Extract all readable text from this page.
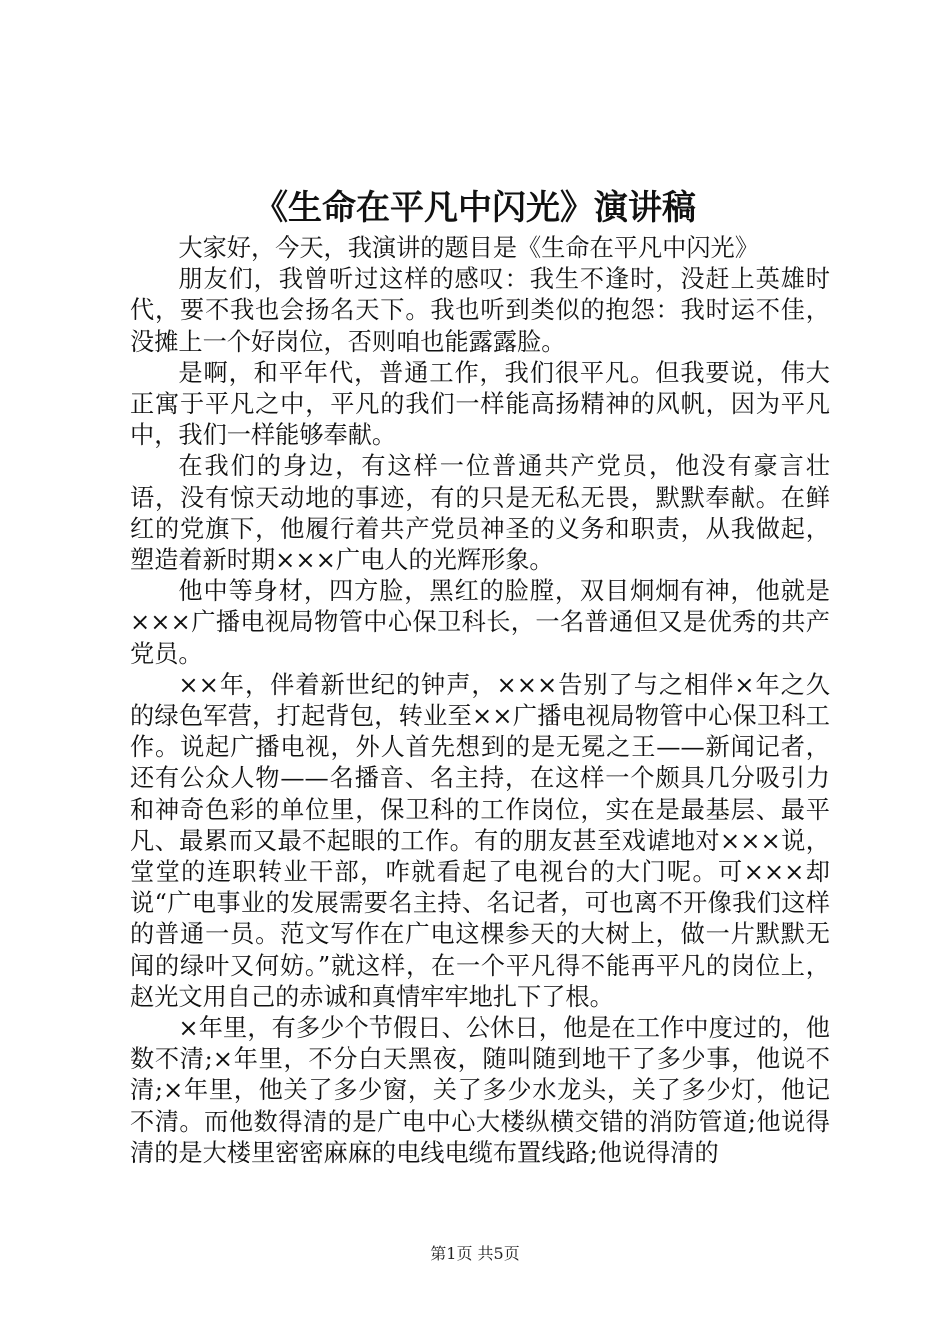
《生命在平凡中闪光》演讲稿

大家好，今天，我演讲的题目是《生命在平凡中闪光》

朋友们，我曾听过这样的感叹：我生不逢时，没赶上英雄时代，要不我也会扬名天下。我也听到类似的抱怨：我时运不佳，没摊上一个好岗位，否则咱也能露露脸。

是啊，和平年代，普通工作，我们很平凡。但我要说，伟大正寓于平凡之中，平凡的我们一样能高扬精神的风帆，因为平凡中，我们一样能够奉献。

在我们的身边，有这样一位普通共产党员，他没有豪言壮语，没有惊天动地的事迹，有的只是无私无畏，默默奉献。在鲜红的党旗下，他履行着共产党员神圣的义务和职责，从我做起，塑造着新时期×××广电人的光辉形象。

他中等身材，四方脸，黑红的脸膛，双目炯炯有神，他就是×××广播电视局物管中心保卫科长，一名普通但又是优秀的共产党员。

××年，伴着新世纪的钟声，×××告别了与之相伴×年之久的绿色军营，打起背包，转业至××广播电视局物管中心保卫科工作。说起广播电视，外人首先想到的是无冕之王——新闻记者，还有公众人物——名播音、名主持，在这样一个颇具几分吸引力和神奇色彩的单位里，保卫科的工作岗位，实在是最基层、最平凡、最累而又最不起眼的工作。有的朋友甚至戏谑地对×××说，堂堂的连职转业干部，咋就看起了电视台的大门呢。可×××却说“广电事业的发展需要名主持、名记者，可也离不开像我们这样的普通一员。范文写作在广电这棵参天的大树上，做一片默默无闻的绿叶又何妨。”就这样，在一个平凡得不能再平凡的岗位上，赵光文用自己的赤诚和真情牢牢地扎下了根。

×年里，有多少个节假日、公休日，他是在工作中度过的，他数不清;×年里，不分白天黑夜，随叫随到地干了多少事，他说不清;×年里，他关了多少窗，关了多少水龙头，关了多少灯，他记不清。而他数得清的是广电中心大楼纵横交错的消防管道;他说得清的是大楼里密密麻麻的电线电缆布置线路;他说得清的

第1页 共5页
